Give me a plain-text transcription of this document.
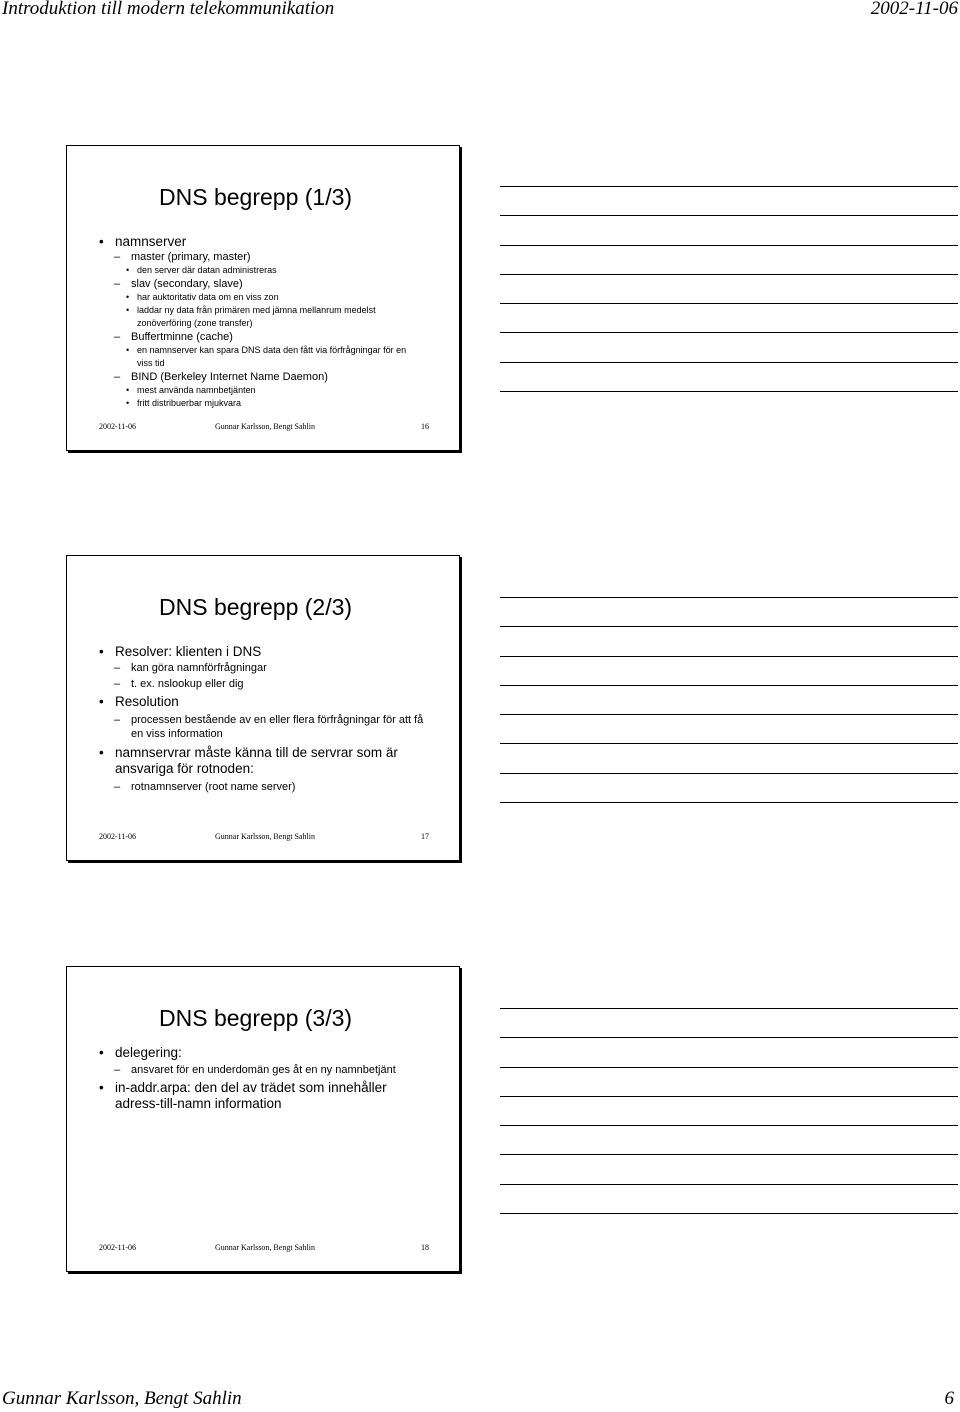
Introduktion till modern telekommunikation	2002-11-06
DNS begrepp (1/3)
• namnserver
– master (primary, master)
• den server där datan administreras
– slav (secondary, slave)
• har auktoritativ data om en viss zon
• laddar ny data från primären med jämna mellanrum medelst zonöverföring (zone transfer)
– Buffertminne (cache)
• en namnserver kan spara DNS data den fått via förfrågningar för en viss tid
– BIND (Berkeley Internet Name Daemon)
• mest använda namnbetjänten
• fritt distribuerbar mjukvara
2002-11-06	Gunnar Karlsson, Bengt Sahlin	16
DNS begrepp (2/3)
• Resolver: klienten i DNS
– kan göra namnförfrågningar
– t. ex. nslookup eller dig
• Resolution
– processen bestående av en eller flera förfrågningar för att få en viss information
• namnservrar måste känna till de servrar som är ansvariga för rotnoden:
– rotnamnserver (root name server)
2002-11-06	Gunnar Karlsson, Bengt Sahlin	17
DNS begrepp (3/3)
• delegering:
– ansvaret för en underdomän ges åt en ny namnbetjänt
• in-addr.arpa: den del av trädet som innehåller adress-till-namn information
2002-11-06	Gunnar Karlsson, Bengt Sahlin	18
Gunnar Karlsson, Bengt Sahlin	6
